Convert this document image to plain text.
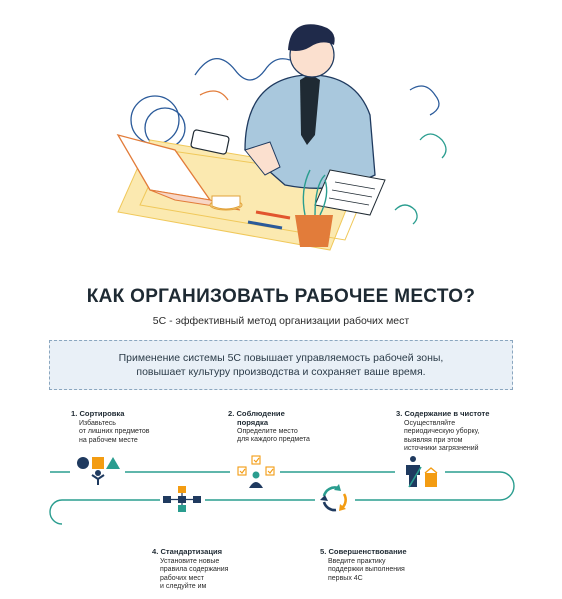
КАК ОРГАНИЗОВАТЬ РАБОЧЕЕ МЕСТО?
5С - эффективный метод организации рабочих мест
Применение системы 5С повышает управляемость рабочей зоны,
повышает культуру производства и сохраняет ваше время.
1. Сортировка
Избавьтесь
от лишних предметов
на рабочем месте
2. Соблюдение
порядка
Определите место
для каждого предмета
3. Содержание в чистоте
Осуществляйте
периодическую уборку,
выявляя при этом
источники загрязнений
4. Стандартизация
Установите новые
правила содержания
рабочих мест
и следуйте им
5. Совершенствование
Введите практику
поддержки выполнения
первых 4С
